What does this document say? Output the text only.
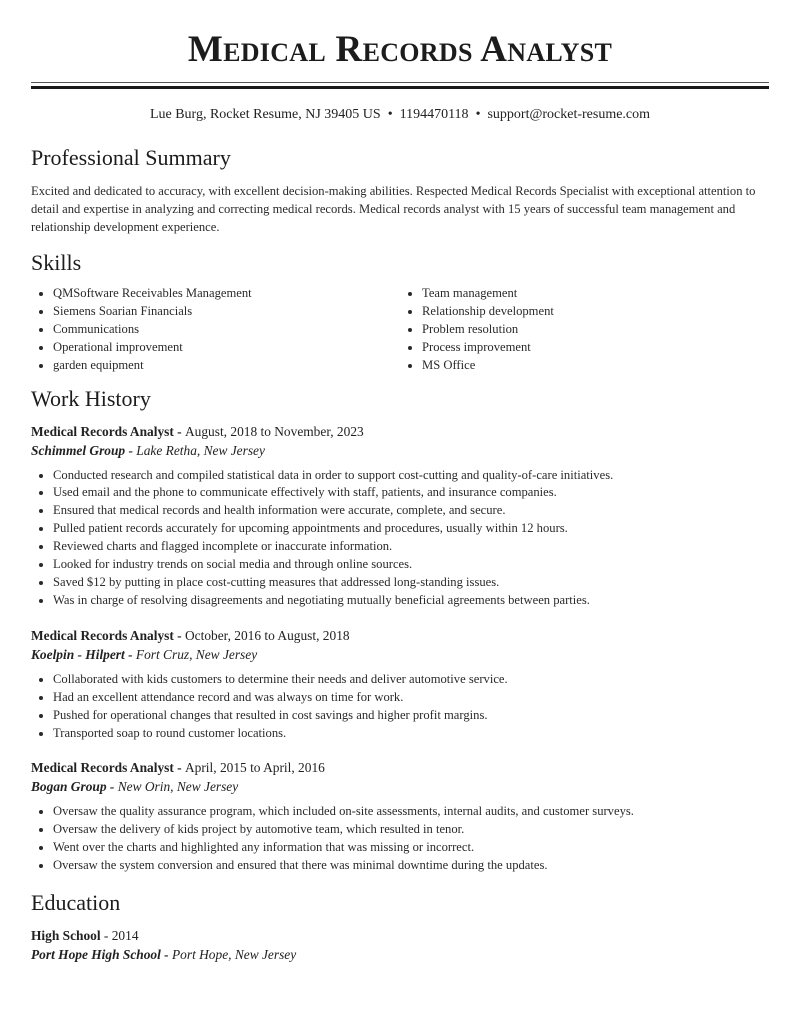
Medical Records Analyst
Lue Burg, Rocket Resume, NJ 39405 US • 1194470118 • support@rocket-resume.com
Professional Summary

Excited and dedicated to accuracy, with excellent decision-making abilities. Respected Medical Records Specialist with exceptional attention to detail and expertise in analyzing and correcting medical records. Medical records analyst with 15 years of successful team management and relationship development experience.

Skills
• QMSoftware Receivables Management
• Siemens Soarian Financials
• Communications
• Operational improvement
• garden equipment
• Team management
• Relationship development
• Problem resolution
• Process improvement
• MS Office
Work History
Medical Records Analyst - August, 2018 to November, 2023
Schimmel Group - Lake Retha, New Jersey
• Conducted research and compiled statistical data in order to support cost-cutting and quality-of-care initiatives.
• Used email and the phone to communicate effectively with staff, patients, and insurance companies.
• Ensured that medical records and health information were accurate, complete, and secure.
• Pulled patient records accurately for upcoming appointments and procedures, usually within 12 hours.
• Reviewed charts and flagged incomplete or inaccurate information.
• Looked for industry trends on social media and through online sources.
• Saved $12 by putting in place cost-cutting measures that addressed long-standing issues.
• Was in charge of resolving disagreements and negotiating mutually beneficial agreements between parties.
Medical Records Analyst - October, 2016 to August, 2018
Koelpin - Hilpert - Fort Cruz, New Jersey
• Collaborated with kids customers to determine their needs and deliver automotive service.
• Had an excellent attendance record and was always on time for work.
• Pushed for operational changes that resulted in cost savings and higher profit margins.
• Transported soap to round customer locations.
Medical Records Analyst - April, 2015 to April, 2016
Bogan Group - New Orin, New Jersey
• Oversaw the quality assurance program, which included on-site assessments, internal audits, and customer surveys.
• Oversaw the delivery of kids project by automotive team, which resulted in tenor.
• Went over the charts and highlighted any information that was missing or incorrect.
• Oversaw the system conversion and ensured that there was minimal downtime during the updates.
Education
High School - 2014
Port Hope High School - Port Hope, New Jersey
